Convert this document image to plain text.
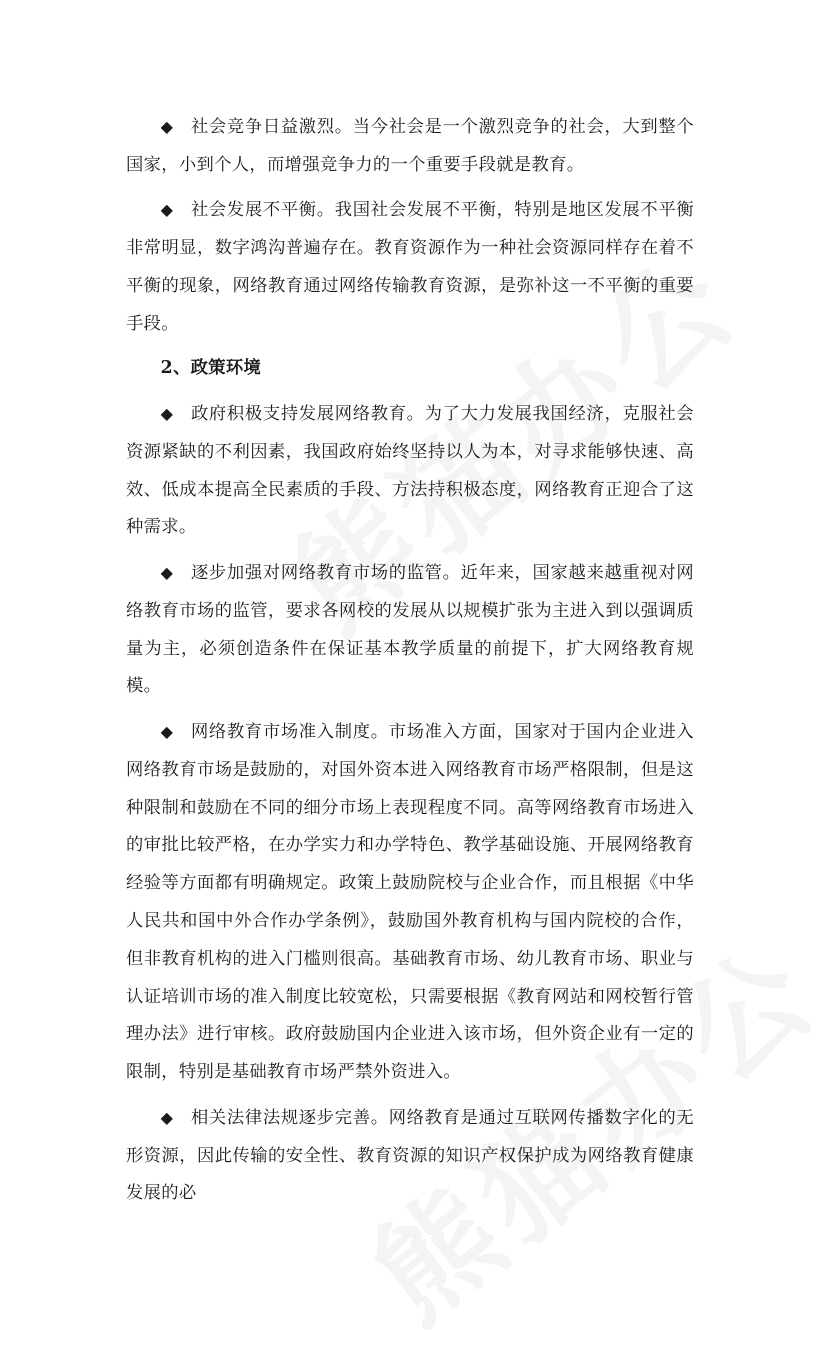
◆ 社会竞争日益激烈。当今社会是一个激烈竞争的社会，大到整个国家，小到个人，而增强竞争力的一个重要手段就是教育。

◆ 社会发展不平衡。我国社会发展不平衡，特别是地区发展不平衡非常明显，数字鸿沟普遍存在。教育资源作为一种社会资源同样存在着不平衡的现象，网络教育通过网络传输教育资源，是弥补这一不平衡的重要手段。

2、政策环境

◆ 政府积极支持发展网络教育。为了大力发展我国经济，克服社会资源紧缺的不利因素，我国政府始终坚持以人为本，对寻求能够快速、高效、低成本提高全民素质的手段、方法持积极态度，网络教育正迎合了这种需求。

◆ 逐步加强对网络教育市场的监管。近年来，国家越来越重视对网络教育市场的监管，要求各网校的发展从以规模扩张为主进入到以强调质量为主，必须创造条件在保证基本教学质量的前提下，扩大网络教育规模。

◆ 网络教育市场准入制度。市场准入方面，国家对于国内企业进入网络教育市场是鼓励的，对国外资本进入网络教育市场严格限制，但是这种限制和鼓励在不同的细分市场上表现程度不同。高等网络教育市场进入的审批比较严格，在办学实力和办学特色、教学基础设施、开展网络教育经验等方面都有明确规定。政策上鼓励院校与企业合作，而且根据《中华人民共和国中外合作办学条例》，鼓励国外教育机构与国内院校的合作，但非教育机构的进入门槛则很高。基础教育市场、幼儿教育市场、职业与认证培训市场的准入制度比较宽松，只需要根据《教育网站和网校暂行管理办法》进行审核。政府鼓励国内企业进入该市场，但外资企业有一定的限制，特别是基础教育市场严禁外资进入。

◆ 相关法律法规逐步完善。网络教育是通过互联网传播数字化的无形资源，因此传输的安全性、教育资源的知识产权保护成为网络教育健康发展的必
